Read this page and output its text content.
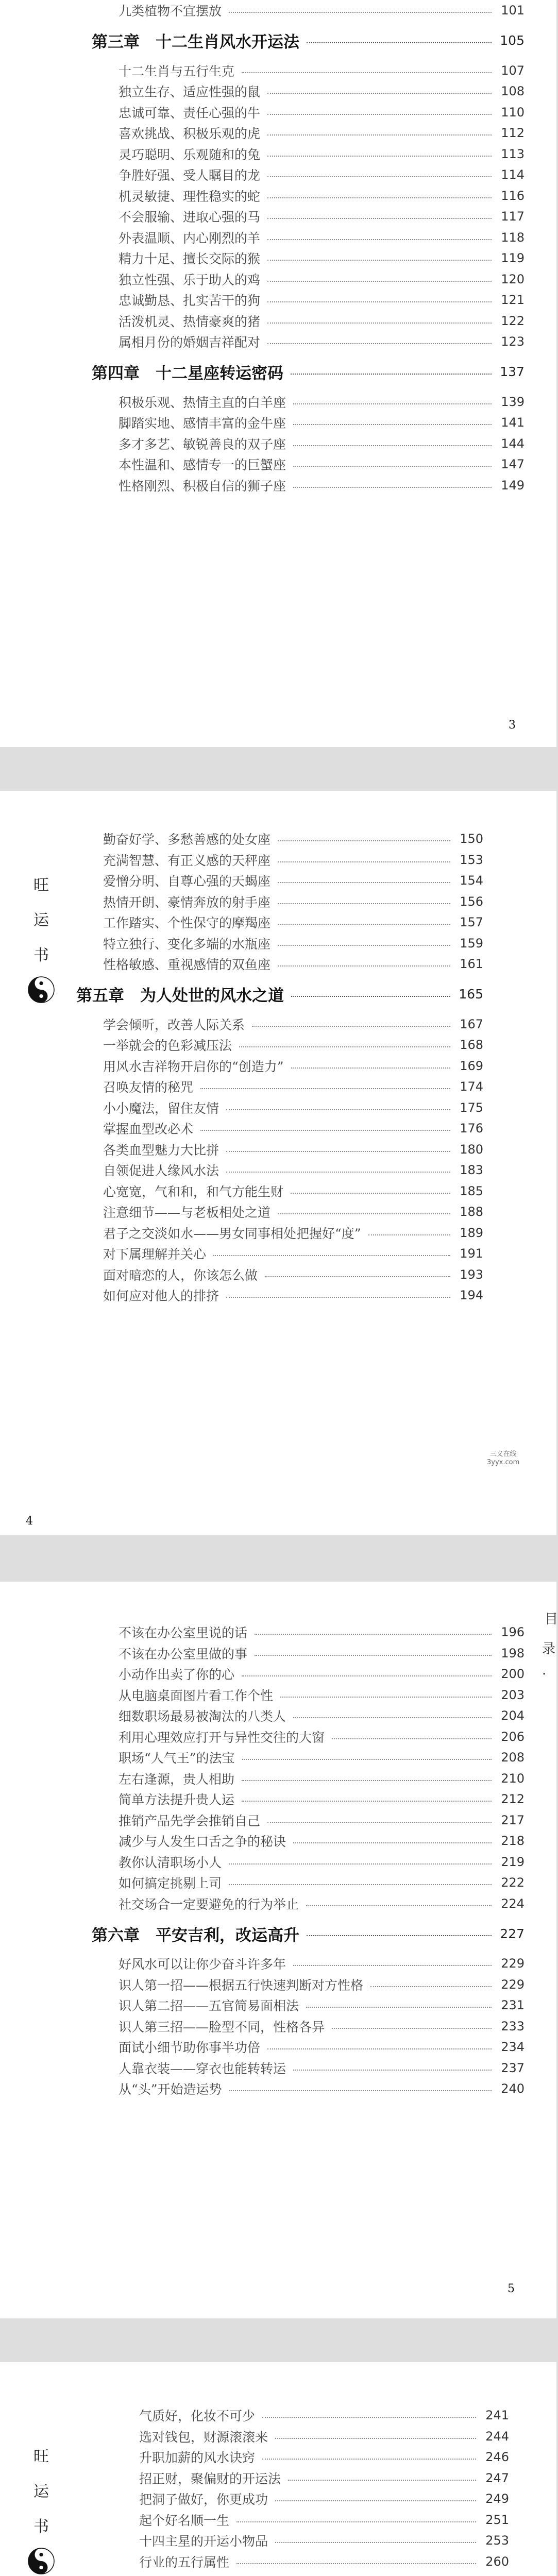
九类植物不宜摆放	101
第三章　十二生肖风水开运法	105
十二生肖与五行生克	107
独立生存、适应性强的鼠	108
忠诚可靠、责任心强的牛	110
喜欢挑战、积极乐观的虎	112
灵巧聪明、乐观随和的兔	113
争胜好强、受人瞩目的龙	114
机灵敏捷、理性稳实的蛇	116
不会服输、进取心强的马	117
外表温顺、内心刚烈的羊	118
精力十足、擅长交际的猴	119
独立性强、乐于助人的鸡	120
忠诚勤恳、扎实苦干的狗	121
活泼机灵、热情豪爽的猪	122
属相月份的婚姻吉祥配对	123
第四章　十二星座转运密码	137
积极乐观、热情主直的白羊座	139
脚踏实地、感情丰富的金牛座	141
多才多艺、敏锐善良的双子座	144
本性温和、感情专一的巨蟹座	147
性格刚烈、积极自信的狮子座	149
3
旺
运
书
勤奋好学、多愁善感的处女座	150
充满智慧、有正义感的天秤座	153
爱憎分明、自尊心强的天蝎座	154
热情开朗、豪情奔放的射手座	156
工作踏实、个性保守的摩羯座	157
特立独行、变化多端的水瓶座	159
性格敏感、重视感情的双鱼座	161
第五章　为人处世的风水之道	165
学会倾听，改善人际关系	167
一举就会的色彩减压法	168
用风水吉祥物开启你的“创造力”	169
召唤友情的秘咒	174
小小魔法，留住友情	175
掌握血型改必术	176
各类血型魅力大比拼	180
自领促进人缘风水法	183
心宽宽，气和和，和气方能生财	185
注意细节——与老板相处之道	188
君子之交淡如水——男女同事相处把握好“度”	189
对下属理解并关心	191
面对暗恋的人，你该怎么做	193
如何应对他人的排挤	194
4
三义在线
3yyx.com
不该在办公室里说的话	196
不该在办公室里做的事	198
小动作出卖了你的心	200
从电脑桌面图片看工作个性	203
细数职场最易被淘汰的八类人	204
利用心理效应打开与异性交往的大窗	206
职场“人气王”的法宝	208
左右逢源，贵人相助	210
简单方法提升贵人运	212
推销产品先学会推销自己	217
减少与人发生口舌之争的秘诀	218
教你认清职场小人	219
如何搞定挑剔上司	222
社交场合一定要避免的行为举止	224
第六章　平安吉利，改运高升	227
好风水可以让你少奋斗许多年	229
识人第一招——根据五行快速判断对方性格	229
识人第二招——五官简易面相法	231
识人第三招——脸型不同，性格各异	233
面试小细节助你事半功倍	234
人靠衣装——穿衣也能转转运	237
从“头”开始造运势	240
目
录
·
5
旺
运
书
气质好，化妆不可少	241
选对钱包，财源滚滚来	244
升职加薪的风水诀窍	246
招正财，聚偏财的开运法	247
把洞子做好，你更成功	249
起个好名顺一生	251
十四主星的开运小物品	253
行业的五行属性	260
